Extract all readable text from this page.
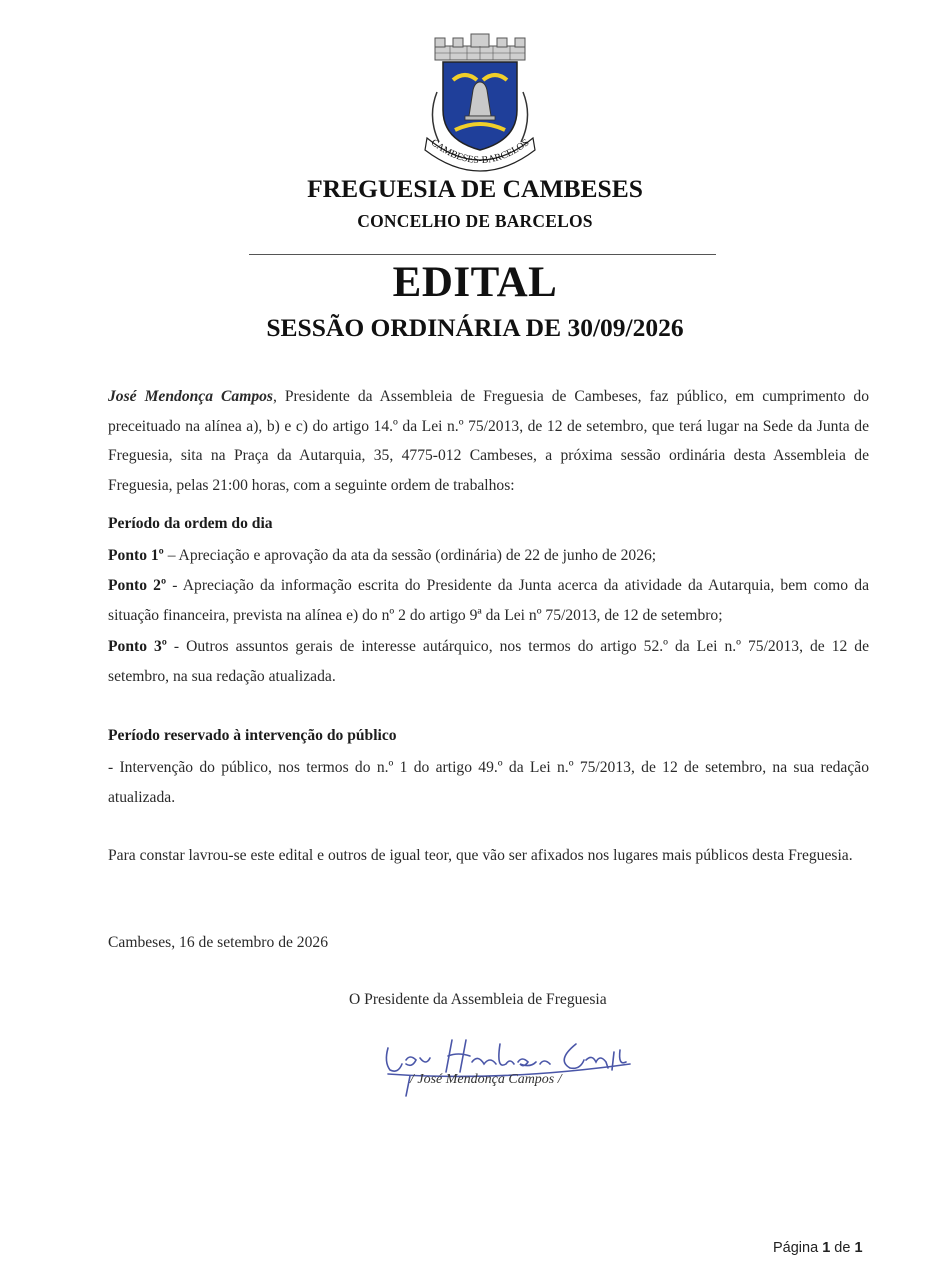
CAMBESES-BARCELOS
FREGUESIA DE CAMBESES
CONCELHO DE BARCELOS
EDITAL
SESSÃO ORDINÁRIA DE 30/09/2026
José Mendonça Campos, Presidente da Assembleia de Freguesia de Cambeses, faz público, em cumprimento do preceituado na alínea a), b) e c) do artigo 14.º da Lei n.º 75/2013, de 12 de setembro, que terá lugar na Sede da Junta de Freguesia, sita na Praça da Autarquia, 35, 4775-012 Cambeses, a próxima sessão ordinária desta Assembleia de Freguesia, pelas 21:00 horas, com a seguinte ordem de trabalhos:
Período da ordem do dia
Ponto 1º – Apreciação e aprovação da ata da sessão (ordinária) de 22 de junho de 2026;
Ponto 2º - Apreciação da informação escrita do Presidente da Junta acerca da atividade da Autarquia, bem como da situação financeira, prevista na alínea e) do nº 2 do artigo 9ª da Lei nº 75/2013, de 12 de setembro;
Ponto 3º - Outros assuntos gerais de interesse autárquico, nos termos do artigo 52.º da Lei n.º 75/2013, de 12 de setembro, na sua redação atualizada.
Período reservado à intervenção do público
- Intervenção do público, nos termos do n.º 1 do artigo 49.º da Lei n.º 75/2013, de 12 de setembro, na sua redação atualizada.
Para constar lavrou-se este edital e outros de igual teor, que vão ser afixados nos lugares mais públicos desta Freguesia.
Cambeses, 16 de setembro de 2026
O Presidente da Assembleia de Freguesia
/ José Mendonça Campos /
Página 1 de 1
